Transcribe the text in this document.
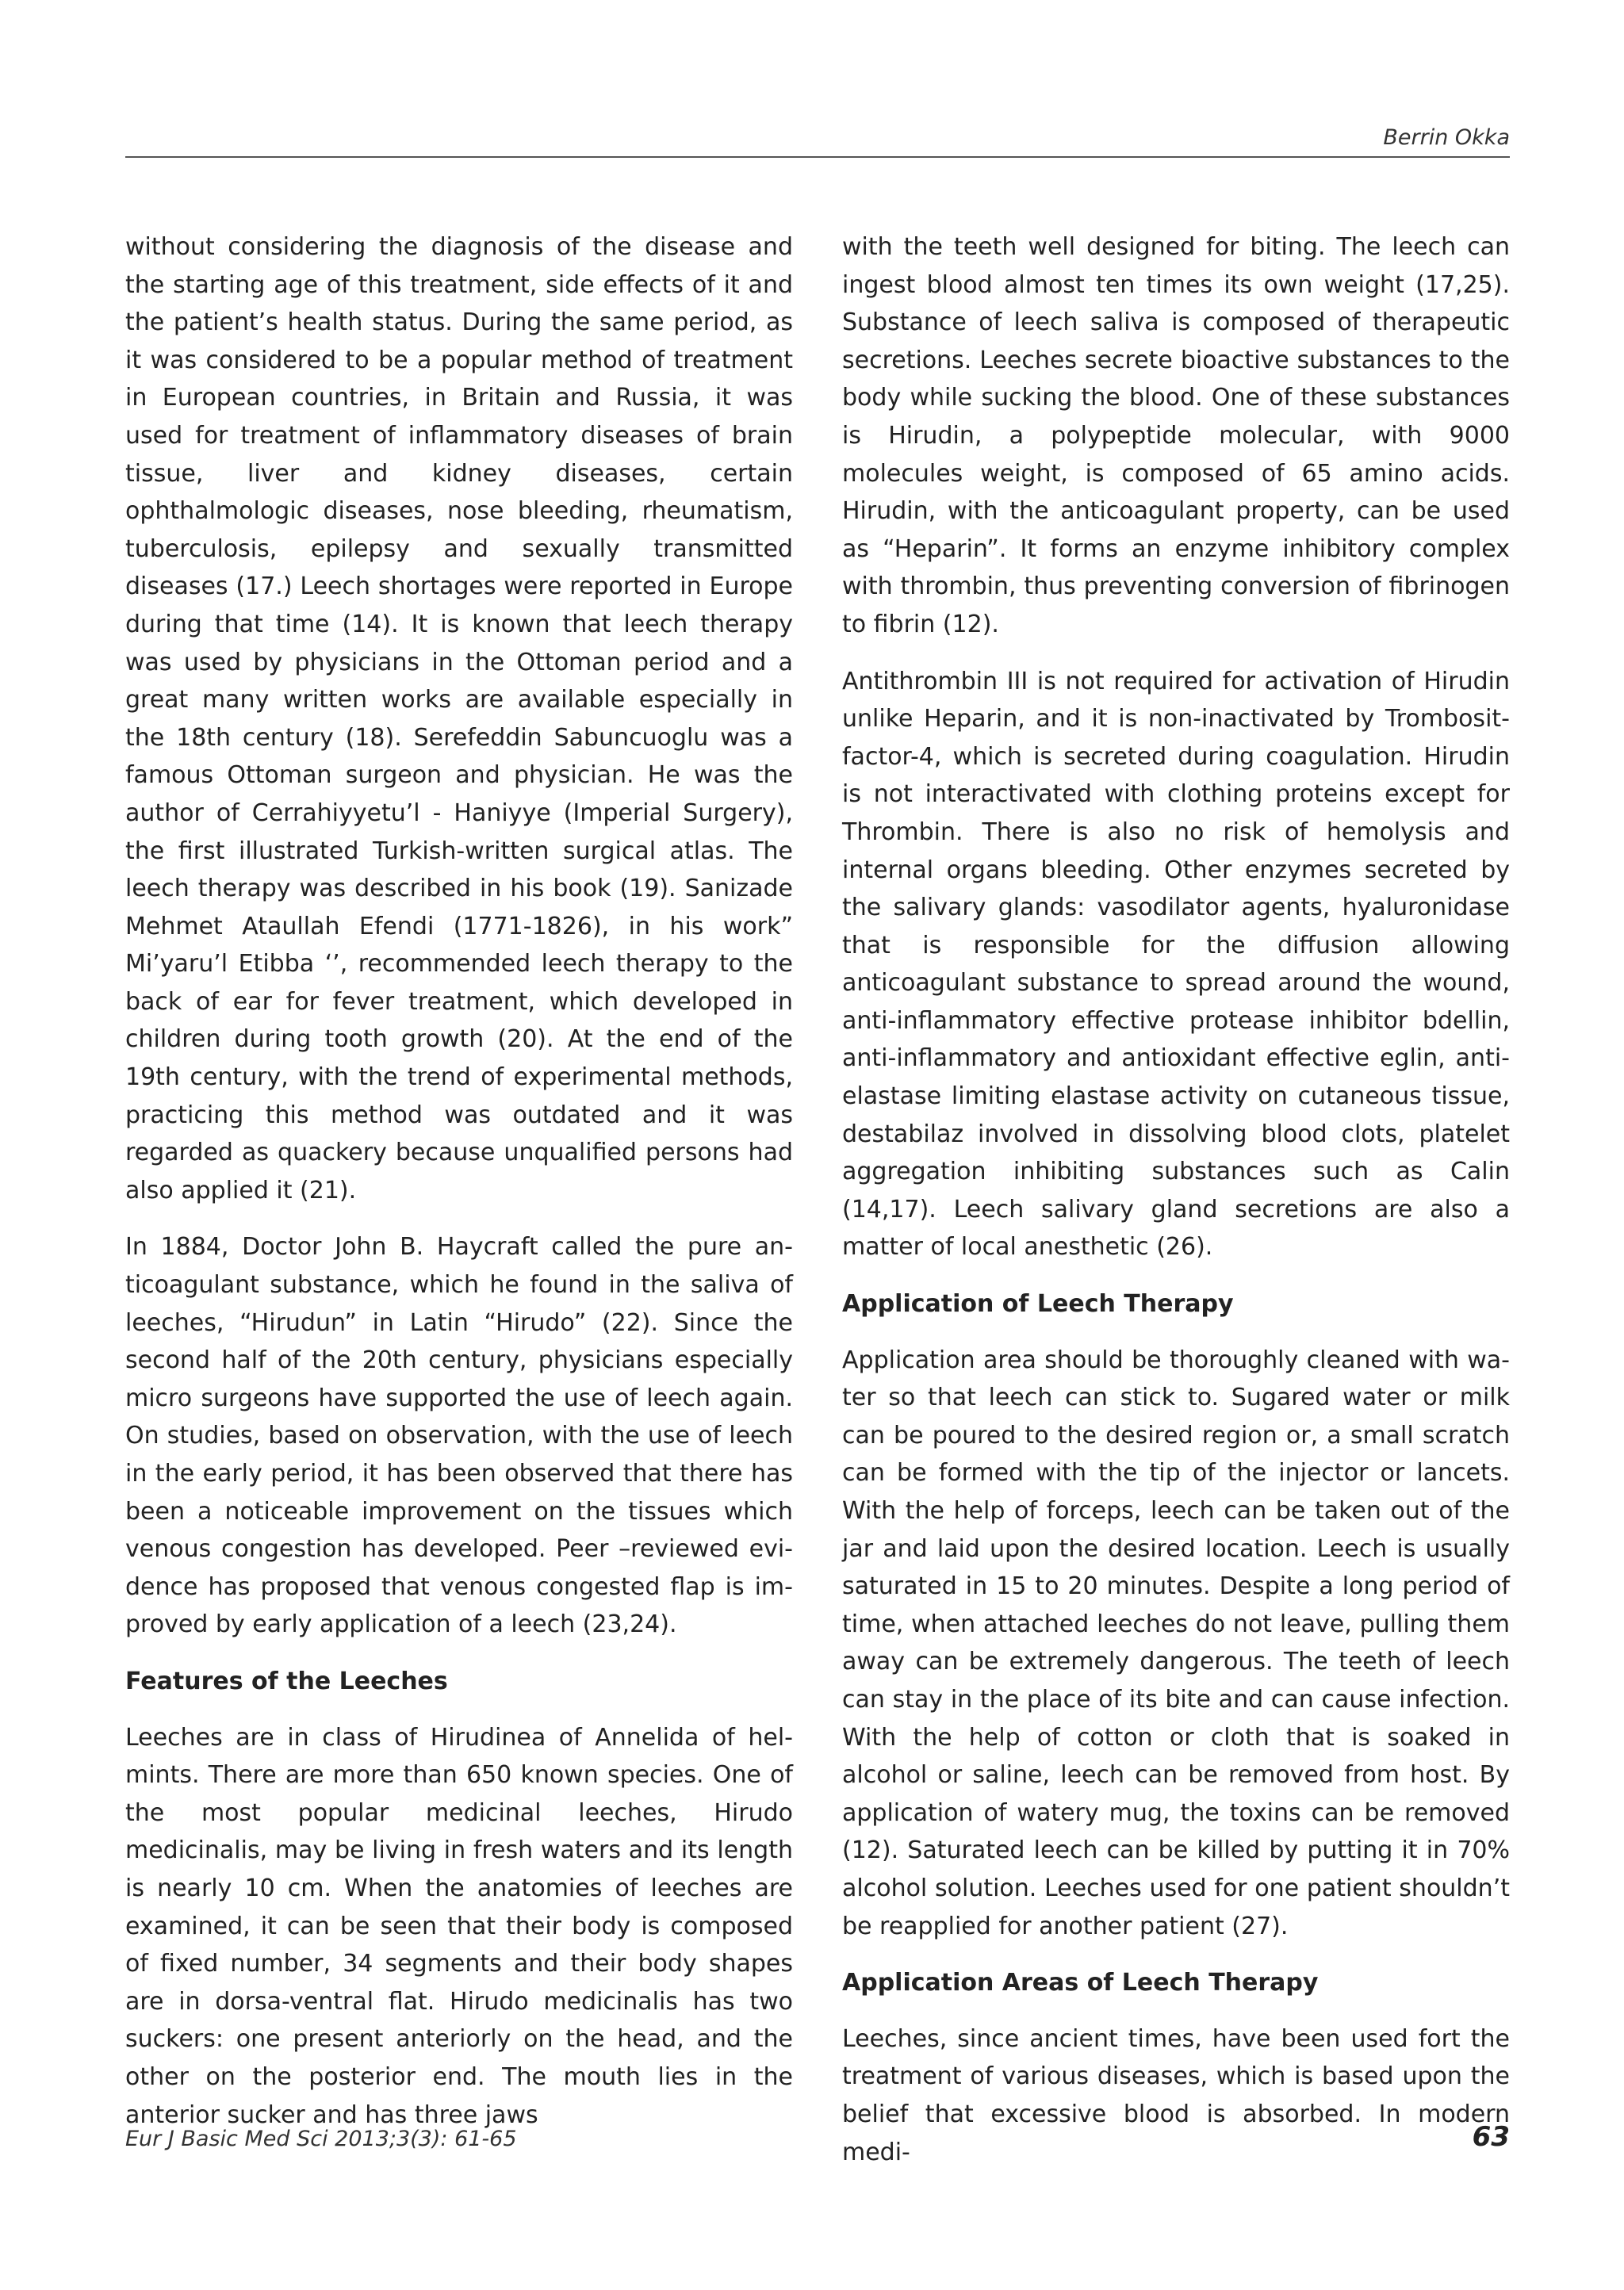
Berrin Okka

without considering the diagnosis of the disease and the starting age of this treatment, side effects of it and the patient’s health status. During the same period, as it was considered to be a popular method of treatment in European countries, in Britain and Russia, it was used for treatment of inflammatory diseases of brain tissue, liver and kidney diseases, certain ophthalmologic diseases, nose bleeding, rheumatism, tuberculosis, epilepsy and sexually transmitted diseases (17.) Leech shortages were reported in Europe during that time (14). It is known that leech therapy was used by physicians in the Ottoman period and a great many written works are available especially in the 18th century (18). Serefeddin Sabuncuoglu was a famous Ottoman surgeon and physician. He was the author of Cerrahiyyetu’l - Haniyye (Imperial Surgery), the first illustrated Turkish-written surgical atlas. The leech therapy was described in his book (19). Sanizade Mehmet Ataullah Efendi (1771-1826), in his work” Mi’yaru’l Etibba ‘’, recommended leech therapy to the back of ear for fever treatment, which developed in children during tooth growth (20). At the end of the 19th century, with the trend of experimental methods, practicing this method was outdated and it was regarded as quackery because unqualified persons had also applied it (21).

In 1884, Doctor John B. Haycraft called the pure anticoagulant substance, which he found in the saliva of leeches, “Hirudun” in Latin “Hirudo” (22). Since the second half of the 20th century, physicians especially micro surgeons have supported the use of leech again. On studies, based on observation, with the use of leech in the early period, it has been observed that there has been a noticeable improvement on the tissues which venous congestion has developed. Peer –reviewed evidence has proposed that venous congested flap is improved by early application of a leech (23,24).

Features of the Leeches

Leeches are in class of Hirudinea of Annelida of helmints. There are more than 650 known species. One of the most popular medicinal leeches, Hirudo medicinalis, may be living in fresh waters and its length is nearly 10 cm. When the anatomies of leeches are examined, it can be seen that their body is composed of fixed number, 34 segments and their body shapes are in dorsa-ventral flat. Hirudo medicinalis has two suckers: one present anteriorly on the head, and the other on the posterior end. The mouth lies in the anterior sucker and has three jaws

with the teeth well designed for biting. The leech can ingest blood almost ten times its own weight (17,25). Substance of leech saliva is composed of therapeutic secretions. Leeches secrete bioactive substances to the body while sucking the blood. One of these substances is Hirudin, a polypeptide molecular, with 9000 molecules weight, is composed of 65 amino acids. Hirudin, with the anticoagulant property, can be used as “Heparin”. It forms an enzyme inhibitory complex with thrombin, thus preventing conversion of fibrinogen to fibrin (12).

Antithrombin III is not required for activation of Hirudin unlike Heparin, and it is non-inactivated by Trombositfactor-4, which is secreted during coagulation. Hirudin is not interactivated with clothing proteins except for Thrombin. There is also no risk of hemolysis and internal organs bleeding. Other enzymes secreted by the salivary glands: vasodilator agents, hyaluronidase that is responsible for the diffusion allowing anticoagulant substance to spread around the wound, anti-inflammatory effective protease inhibitor bdellin, anti-inflammatory and antioxidant effective eglin, anti-elastase limiting elastase activity on cutaneous tissue, destabilaz involved in dissolving blood clots, platelet aggregation inhibiting substances such as Calin (14,17). Leech salivary gland secretions are also a matter of local anesthetic (26).

Application of Leech Therapy

Application area should be thoroughly cleaned with water so that leech can stick to. Sugared water or milk can be poured to the desired region or, a small scratch can be formed with the tip of the injector or lancets. With the help of forceps, leech can be taken out of the jar and laid upon the desired location. Leech is usually saturated in 15 to 20 minutes. Despite a long period of time, when attached leeches do not leave, pulling them away can be extremely dangerous. The teeth of leech can stay in the place of its bite and can cause infection. With the help of cotton or cloth that is soaked in alcohol or saline, leech can be removed from host. By application of watery mug, the toxins can be removed (12). Saturated leech can be killed by putting it in 70% alcohol solution. Leeches used for one patient shouldn’t be reapplied for another patient (27).

Application Areas of Leech Therapy

Leeches, since ancient times, have been used fort the treatment of various diseases, which is based upon the belief that excessive blood is absorbed. In modern medi-

Eur J Basic Med Sci 2013;3(3): 61-65	63
